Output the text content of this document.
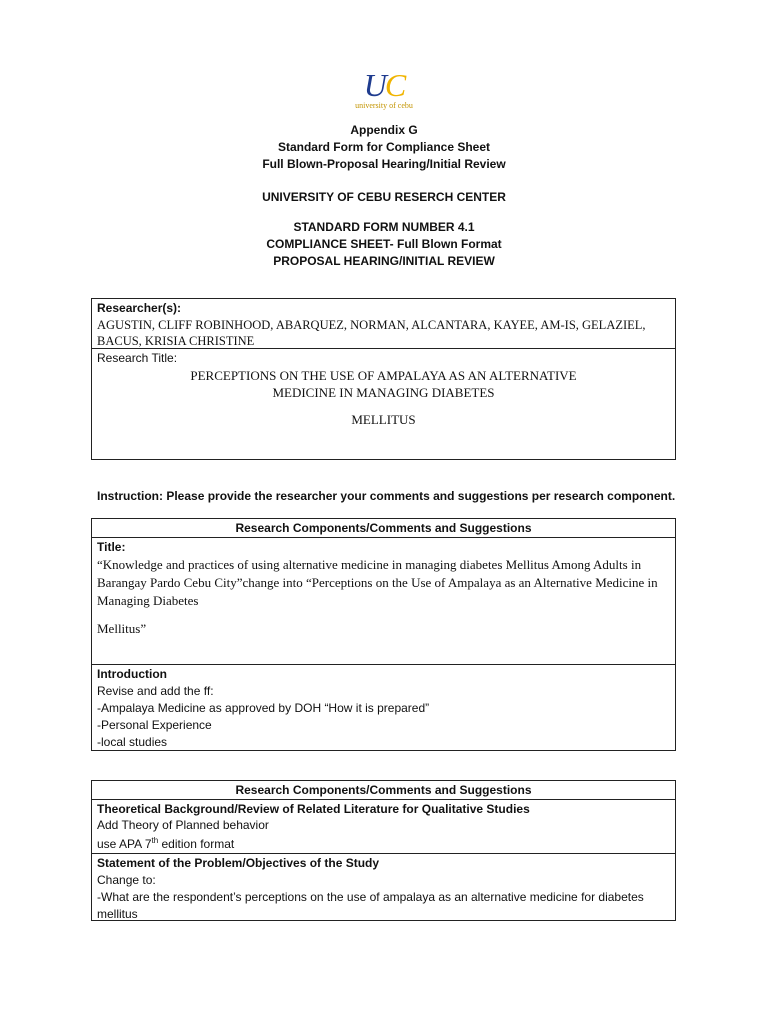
UC
university of cebu
Appendix G
Standard Form for Compliance Sheet
Full Blown-Proposal Hearing/Initial Review
UNIVERSITY OF CEBU RESERCH CENTER
STANDARD FORM NUMBER 4.1
COMPLIANCE SHEET- Full Blown Format
PROPOSAL HEARING/INITIAL REVIEW
Researcher(s):
AGUSTIN, CLIFF ROBINHOOD, ABARQUEZ, NORMAN, ALCANTARA, KAYEE, AM-IS, GELAZIEL, BACUS, KRISIA CHRISTINE
Research Title:
PERCEPTIONS ON THE USE OF AMPALAYA AS AN ALTERNATIVE MEDICINE IN MANAGING DIABETES
MELLITUS
Instruction: Please provide the researcher your comments and suggestions per research component.
Research Components/Comments and Suggestions
Title:
“Knowledge and practices of using alternative medicine in managing diabetes Mellitus Among Adults in Barangay Pardo Cebu City”change into “Perceptions on the Use of Ampalaya as an Alternative Medicine in Managing Diabetes
Mellitus”
Introduction
Revise and add the ff:
-Ampalaya Medicine as approved by DOH “How it is prepared”
-Personal Experience
-local studies
Research Components/Comments and Suggestions
Theoretical Background/Review of Related Literature for Qualitative Studies
Add Theory of Planned behavior
use APA 7th edition format
Statement of the Problem/Objectives of the Study
Change to:
-What are the respondent’s perceptions on the use of ampalaya as an alternative medicine for diabetes mellitus
